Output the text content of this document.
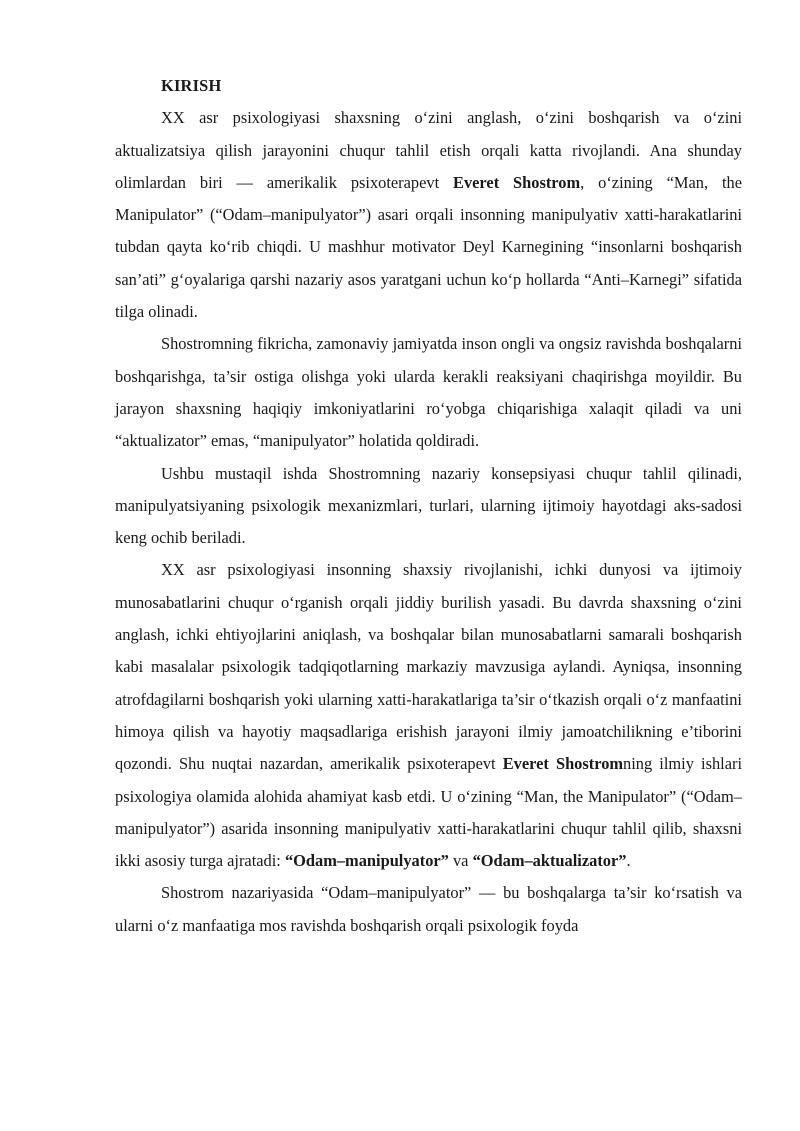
KIRISH

XX asr psixologiyasi shaxsning o‘zini anglash, o‘zini boshqarish va o‘zini aktualizatsiya qilish jarayonini chuqur tahlil etish orqali katta rivojlandi. Ana shunday olimlardan biri — amerikalik psixoterapevt Everet Shostrom, o‘zining “Man, the Manipulator” (“Odam–manipulyator”) asari orqali insonning manipulyativ xatti-harakatlarini tubdan qayta ko‘rib chiqdi. U mashhur motivator Deyl Karnegining “insonlarni boshqarish san’ati” g‘oyalariga qarshi nazariy asos yaratgani uchun ko‘p hollarda “Anti–Karnegi” sifatida tilga olinadi.

Shostromning fikricha, zamonaviy jamiyatda inson ongli va ongsiz ravishda boshqalarni boshqarishga, ta’sir ostiga olishga yoki ularda kerakli reaksiyani chaqirishga moyildir. Bu jarayon shaxsning haqiqiy imkoniyatlarini ro‘yobga chiqarishiga xalaqit qiladi va uni “aktualizator” emas, “manipulyator” holatida qoldiradi.

Ushbu mustaqil ishda Shostromning nazariy konsepsiyasi chuqur tahlil qilinadi, manipulyatsiyaning psixologik mexanizmlari, turlari, ularning ijtimoiy hayotdagi aks-sadosi keng ochib beriladi.

XX asr psixologiyasi insonning shaxsiy rivojlanishi, ichki dunyosi va ijtimoiy munosabatlarini chuqur o‘rganish orqali jiddiy burilish yasadi. Bu davrda shaxsning o‘zini anglash, ichki ehtiyojlarini aniqlash, va boshqalar bilan munosabatlarni samarali boshqarish kabi masalalar psixologik tadqiqotlarning markaziy mavzusiga aylandi. Ayniqsa, insonning atrofdagilarni boshqarish yoki ularning xatti-harakatlariga ta’sir o‘tkazish orqali o‘z manfaatini himoya qilish va hayotiy maqsadlariga erishish jarayoni ilmiy jamoatchilikning e’tiborini qozondi. Shu nuqtai nazardan, amerikalik psixoterapevt Everet Shostromning ilmiy ishlari psixologiya olamida alohida ahamiyat kasb etdi. U o‘zining “Man, the Manipulator” (“Odam–manipulyator”) asarida insonning manipulyativ xatti-harakatlarini chuqur tahlil qilib, shaxsni ikki asosiy turga ajratadi: “Odam–manipulyator” va “Odam–aktualizator”.

Shostrom nazariyasida “Odam–manipulyator” — bu boshqalarga ta’sir ko‘rsatish va ularni o‘z manfaatiga mos ravishda boshqarish orqali psixologik foyda
